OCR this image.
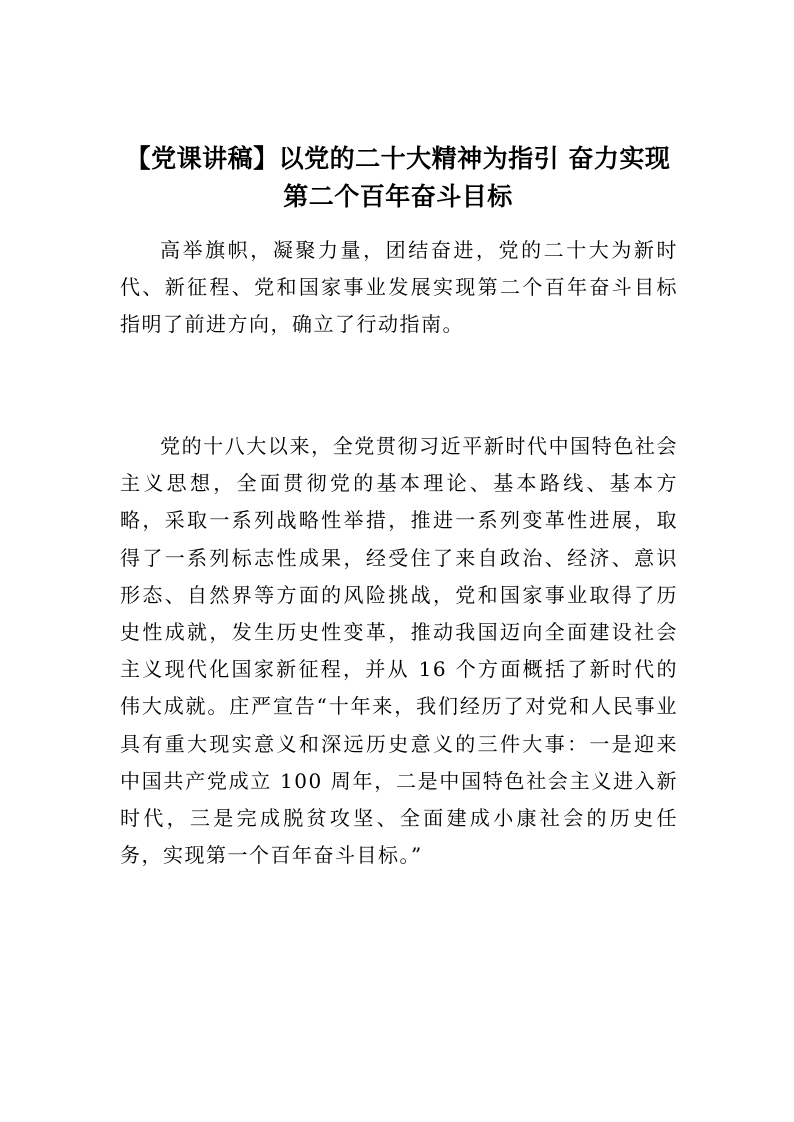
【党课讲稿】以党的二十大精神为指引 奋力实现第二个百年奋斗目标

高举旗帜，凝聚力量，团结奋进，党的二十大为新时代、新征程、党和国家事业发展实现第二个百年奋斗目标指明了前进方向，确立了行动指南。

党的十八大以来，全党贯彻习近平新时代中国特色社会主义思想，全面贯彻党的基本理论、基本路线、基本方略，采取一系列战略性举措，推进一系列变革性进展，取得了一系列标志性成果，经受住了来自政治、经济、意识形态、自然界等方面的风险挑战，党和国家事业取得了历史性成就，发生历史性变革，推动我国迈向全面建设社会主义现代化国家新征程，并从 16 个方面概括了新时代的伟大成就。庄严宣告“十年来，我们经历了对党和人民事业具有重大现实意义和深远历史意义的三件大事：一是迎来中国共产党成立 100 周年，二是中国特色社会主义进入新时代，三是完成脱贫攻坚、全面建成小康社会的历史任务，实现第一个百年奋斗目标。”
